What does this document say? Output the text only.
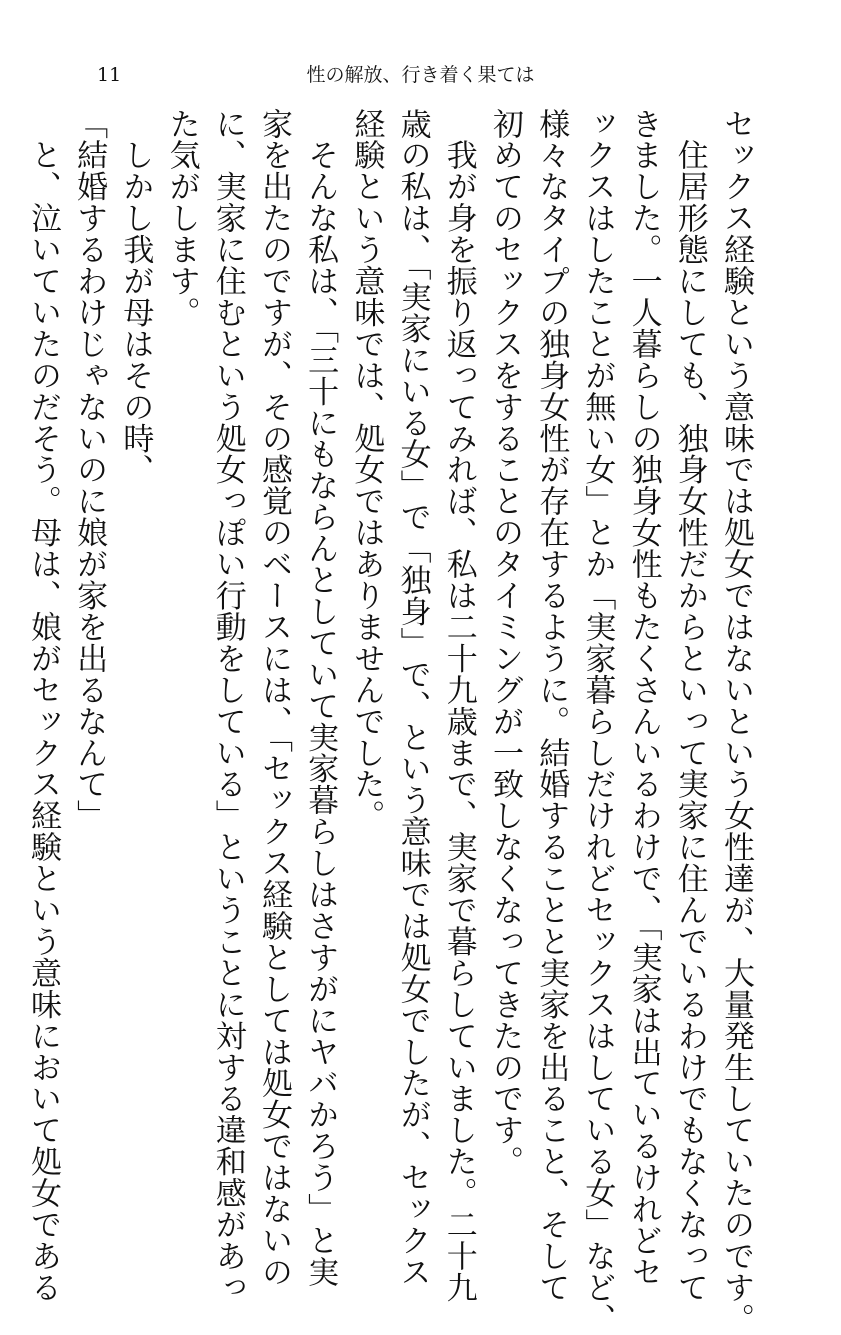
11	性の解放、行き着く果ては

セックス経験という意味では処女ではないという女性達が、大量発生していたのです。

　住居形態にしても、独身女性だからといって実家に住んでいるわけでもなくなって

きました。一人暮らしの独身女性もたくさんいるわけで、「実家は出ているけれどセ

ックスはしたことが無い女」とか「実家暮らしだけれどセックスはしている女」など、

様々なタイプの独身女性が存在するように。結婚することと実家を出ること、そして

初めてのセックスをすることのタイミングが一致しなくなってきたのです。

　我が身を振り返ってみれば、私は二十九歳まで、実家で暮らしていました。二十九

歳の私は、「実家にいる女」で「独身」で、という意味では処女でしたが、セックス

経験という意味では、処女ではありませんでした。

　そんな私は、「三十にもならんとしていて実家暮らしはさすがにヤバかろう」と実

家を出たのですが、その感覚のベースには、「セックス経験としては処女ではないの

に、実家に住むという処女っぽい行動をしている」ということに対する違和感があっ

た気がします。

　しかし我が母はその時、

「結婚するわけじゃないのに娘が家を出るなんて」

　と、泣いていたのだそう。母は、娘がセックス経験という意味において処女である
